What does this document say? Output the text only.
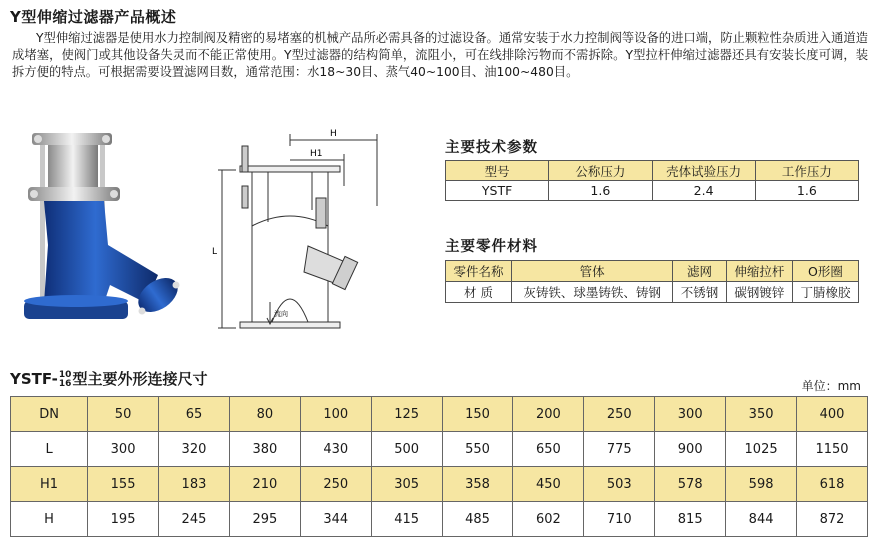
Y型伸缩过滤器产品概述

Y型伸缩过滤器是使用水力控制阀及精密的易堵塞的机械产品所必需具备的过滤设备。通常安装于水力控制阀等设备的进口端，防止颗粒性杂质进入通道造成堵塞，使阀门或其他设备失灵而不能正常使用。Y型过滤器的结构简单，流阻小，可在线排除污物而不需拆除。Y型拉杆伸缩过滤器还具有安装长度可调，装拆方便的特点。可根据需要设置滤网目数，通常范围：水18~30目、蒸气40~100目、油100~480目。

H
H1
L
流向
主要技术参数
型号	公称压力	壳体试验压力	工作压力
YSTF	1.6	2.4	1.6
主要零件材料
零件名称	管体	滤网	伸缩拉杆	O形圈
材 质	灰铸铁、球墨铸铁、铸钢	不锈钢	碳钢镀锌	丁腈橡胶
YSTF- 10
16 型主要外形连接尺寸	单位：mm
DN	50	65	80	100	125	150	200	250	300	350	400
L	300	320	380	430	500	550	650	775	900	1025	1150
H1	155	183	210	250	305	358	450	503	578	598	618
H	195	245	295	344	415	485	602	710	815	844	872
